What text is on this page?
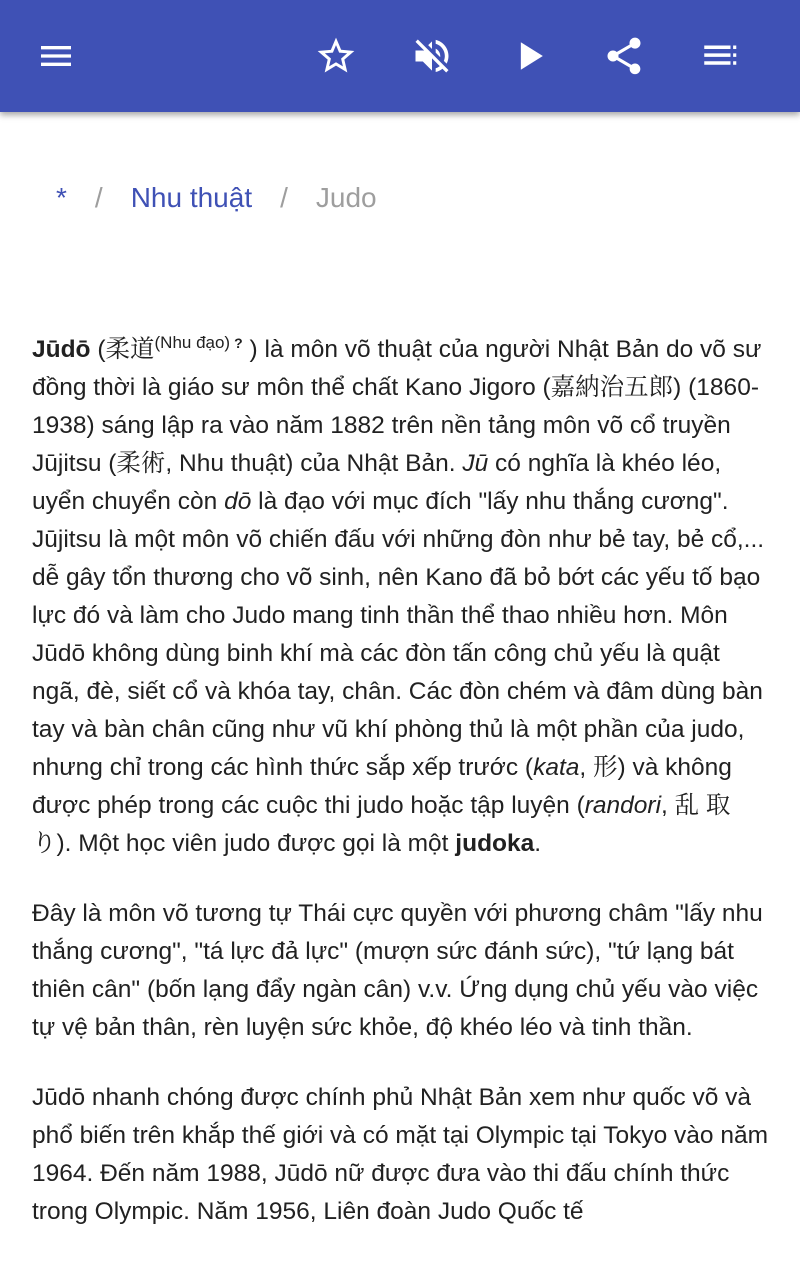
* / Nhu thuật / Judo

Jūdō (柔道$^{(Nhu đạo)}$ ? ) là môn võ thuật của người Nhật Bản do võ sư đồng thời là giáo sư môn thể chất Kano Jigoro (嘉納治五郎) (1860-1938) sáng lập ra vào năm 1882 trên nền tảng môn võ cổ truyền Jūjitsu (柔術, Nhu thuật) của Nhật Bản. Jū có nghĩa là khéo léo, uyển chuyển còn dō là đạo với mục đích "lấy nhu thắng cương". Jūjitsu là một môn võ chiến đấu với những đòn như bẻ tay, bẻ cổ,... dễ gây tổn thương cho võ sinh, nên Kano đã bỏ bớt các yếu tố bạo lực đó và làm cho Judo mang tinh thần thể thao nhiều hơn. Môn Jūdō không dùng binh khí mà các đòn tấn công chủ yếu là quật ngã, đè, siết cổ và khóa tay, chân. Các đòn chém và đâm dùng bàn tay và bàn chân cũng như vũ khí phòng thủ là một phần của judo, nhưng chỉ trong các hình thức sắp xếp trước (kata, 形) và không được phép trong các cuộc thi judo hoặc tập luyện (randori, 乱 取 り). Một học viên judo được gọi là một judoka.

Đây là môn võ tương tự Thái cực quyền với phương châm "lấy nhu thắng cương", "tá lực đả lực" (mượn sức đánh sức), "tứ lạng bát thiên cân" (bốn lạng đẩy ngàn cân) v.v. Ứng dụng chủ yếu vào việc tự vệ bản thân, rèn luyện sức khỏe, độ khéo léo và tinh thần.

Jūdō nhanh chóng được chính phủ Nhật Bản xem như quốc võ và phổ biến trên khắp thế giới và có mặt tại Olympic tại Tokyo vào năm 1964. Đến năm 1988, Jūdō nữ được đưa vào thi đấu chính thức trong Olympic. Năm 1956, Liên đoàn Judo Quốc tế
